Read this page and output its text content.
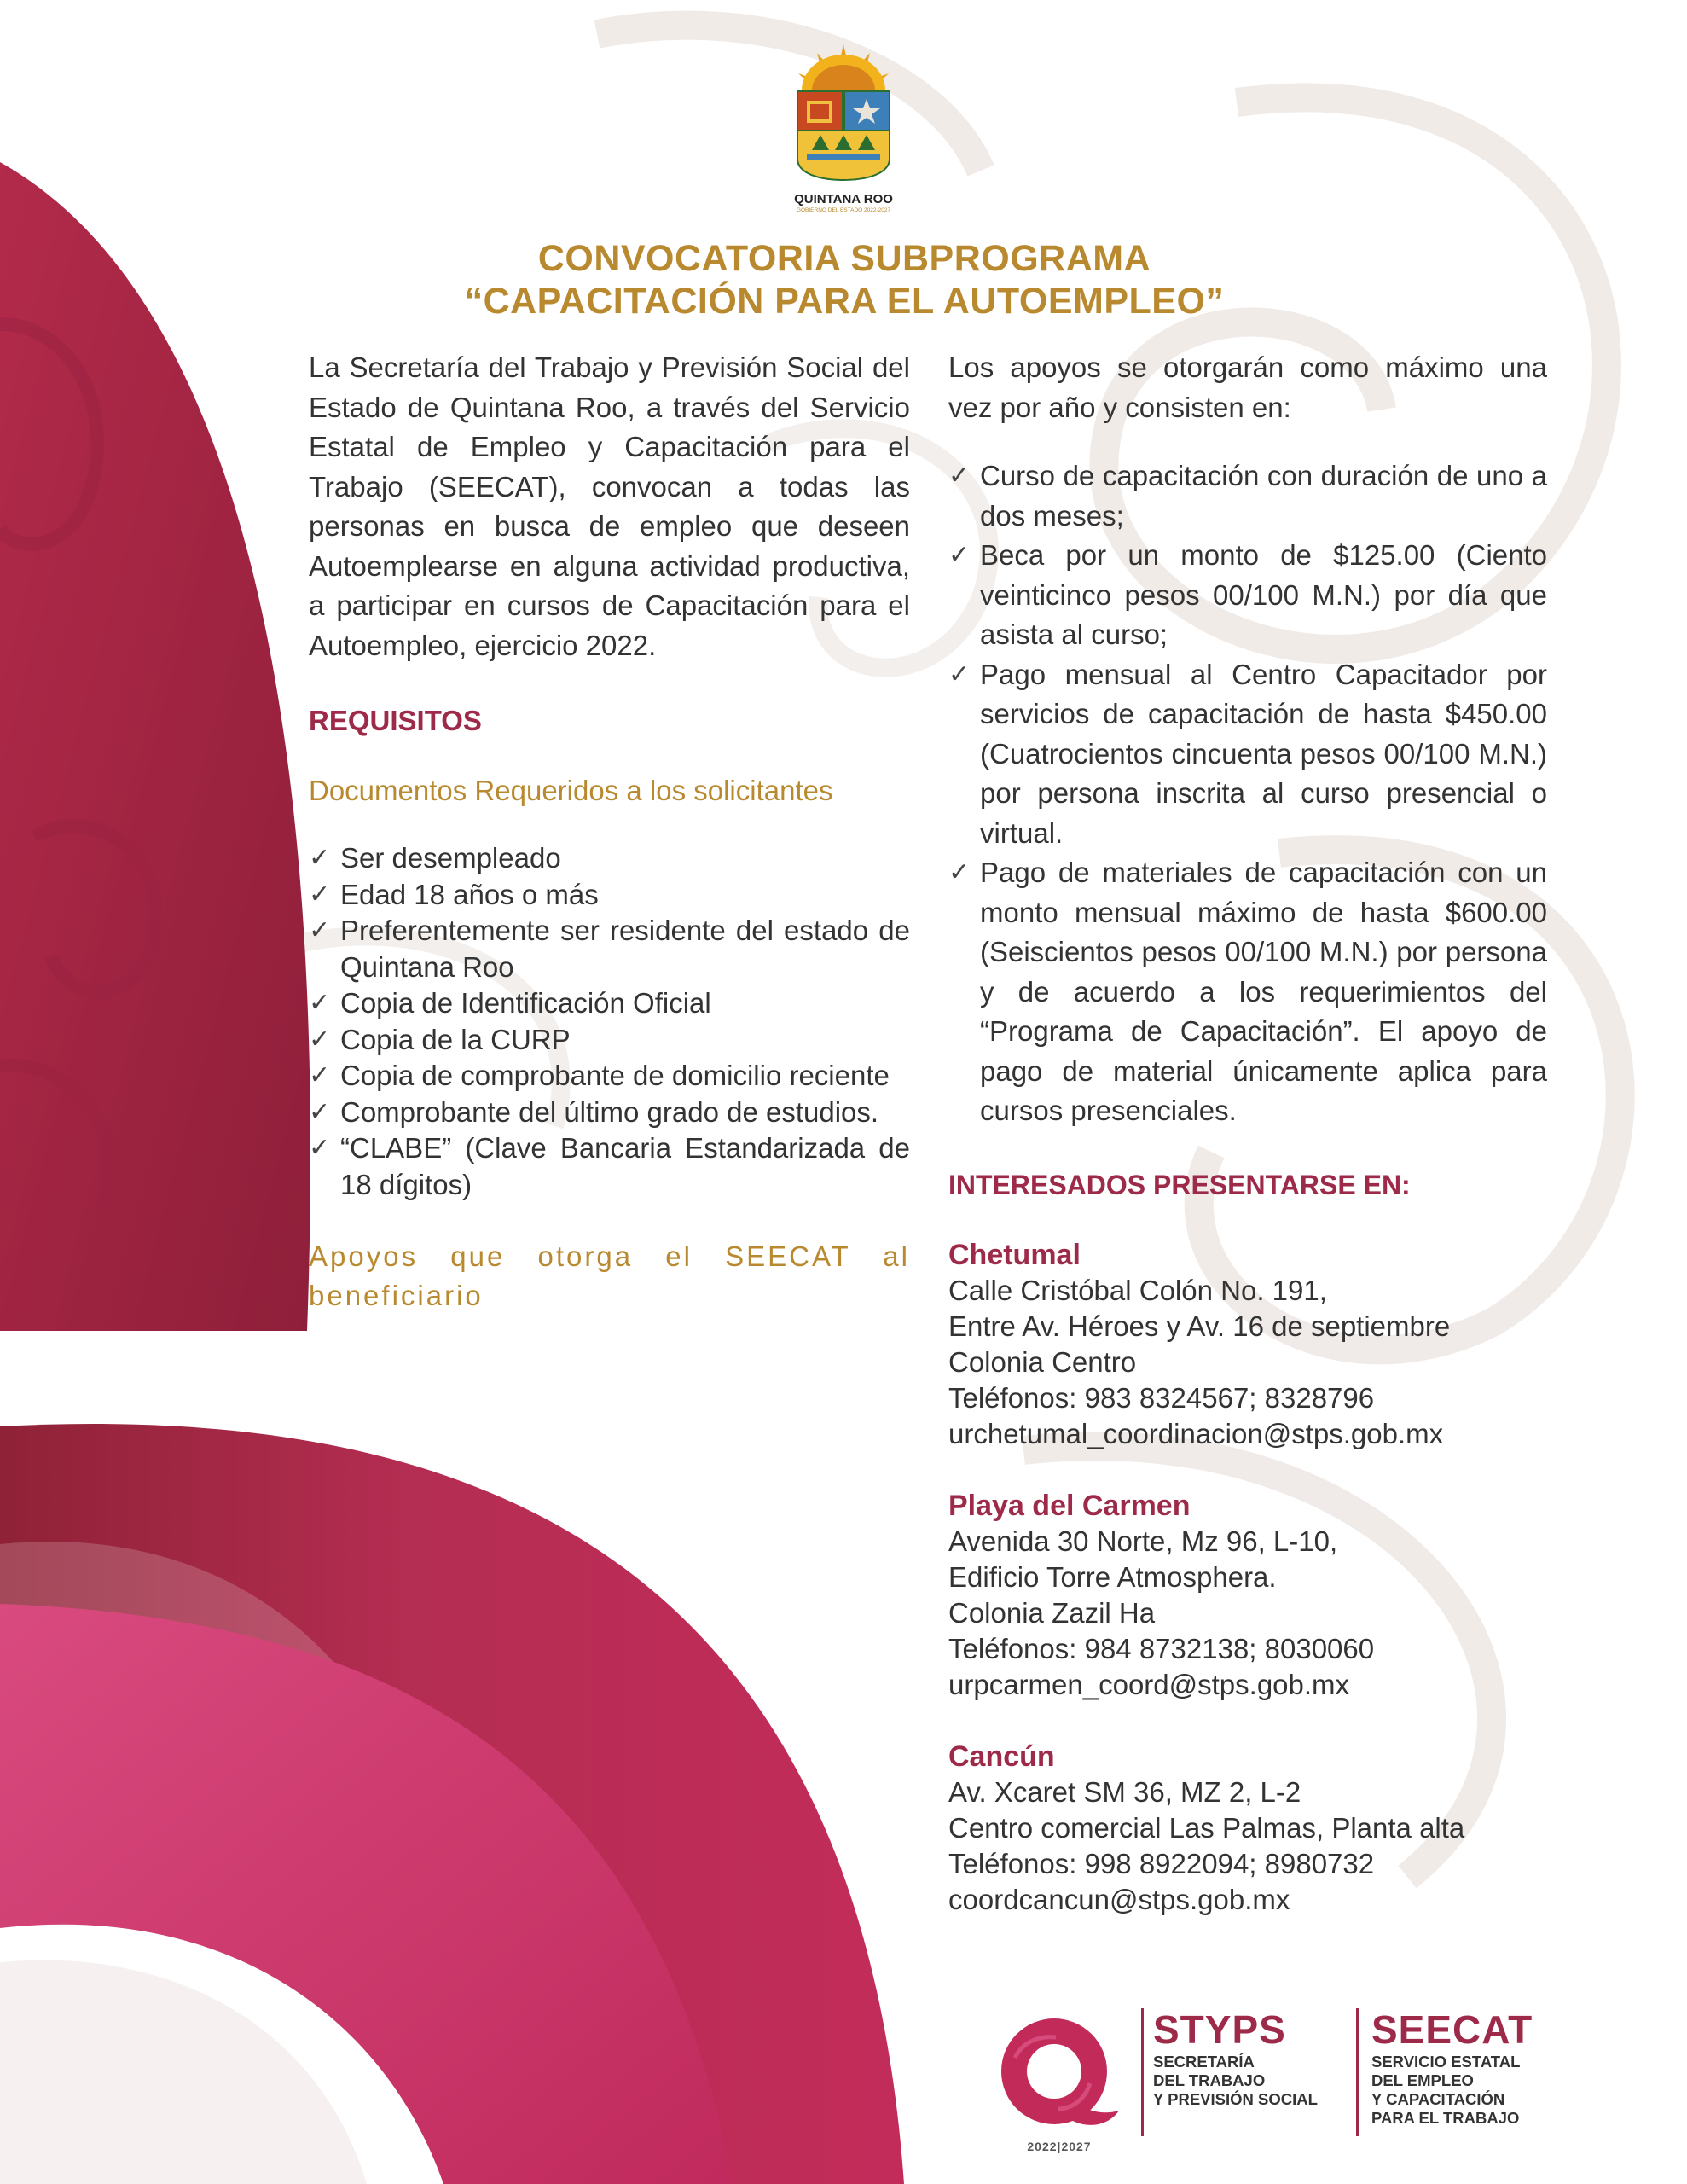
QUINTANA ROO
GOBIERNO DEL ESTADO 2022-2027
CONVOCATORIA SUBPROGRAMA
“CAPACITACIÓN PARA EL AUTOEMPLEO”

La Secretaría del Trabajo y Previsión Social del Estado de Quintana Roo, a través del Servicio Estatal de Empleo y Capacitación para el Trabajo (SEECAT), convocan a todas las personas en busca de empleo que deseen Autoemplearse en alguna actividad productiva, a participar en cursos de Capacitación para el Autoempleo, ejercicio 2022.

REQUISITOS
Documentos Requeridos a los solicitantes
✓ Ser desempleado
✓ Edad 18 años o más
✓ Preferentemente ser residente del estado de Quintana Roo
✓ Copia de Identificación Oficial
✓ Copia de la CURP
✓ Copia de comprobante de domicilio reciente
✓ Comprobante del último grado de estudios.
✓ “CLABE” (Clave Bancaria Estandarizada de 18 dígitos)
Apoyos que otorga el SEECAT al beneficiario

Los apoyos se otorgarán como máximo una vez por año y consisten en:

✓ Curso de capacitación con duración de uno a dos meses;
✓ Beca por un monto de $125.00 (Ciento veinticinco pesos 00/100 M.N.) por día que asista al curso;
✓ Pago mensual al Centro Capacitador por servicios de capacitación de hasta $450.00 (Cuatrocientos cincuenta pesos 00/100 M.N.) por persona inscrita al curso presencial o virtual.
✓ Pago de materiales de capacitación con un monto mensual máximo de hasta $600.00 (Seiscientos pesos 00/100 M.N.) por persona y de acuerdo a los requerimientos del “Programa de Capacitación”. El apoyo de pago de material únicamente aplica para cursos presenciales.
INTERESADOS PRESENTARSE EN:
Chetumal
Calle Cristóbal Colón No. 191,
Entre Av. Héroes y Av. 16 de septiembre
Colonia Centro
Teléfonos: 983 8324567; 8328796
urchetumal_coordinacion@stps.gob.mx
Playa del Carmen
Avenida 30 Norte, Mz 96, L-10,
Edificio Torre Atmosphera.
Colonia Zazil Ha
Teléfonos: 984 8732138; 8030060
urpcarmen_coord@stps.gob.mx
Cancún
Av. Xcaret SM 36, MZ 2, L-2
Centro comercial Las Palmas, Planta alta
Teléfonos: 998 8922094; 8980732
coordcancun@stps.gob.mx
2022|2027
STYPS
SECRETARÍA
DEL TRABAJO
Y PREVISIÓN SOCIAL
SEECAT
SERVICIO ESTATAL
DEL EMPLEO
Y CAPACITACIÓN
PARA EL TRABAJO
